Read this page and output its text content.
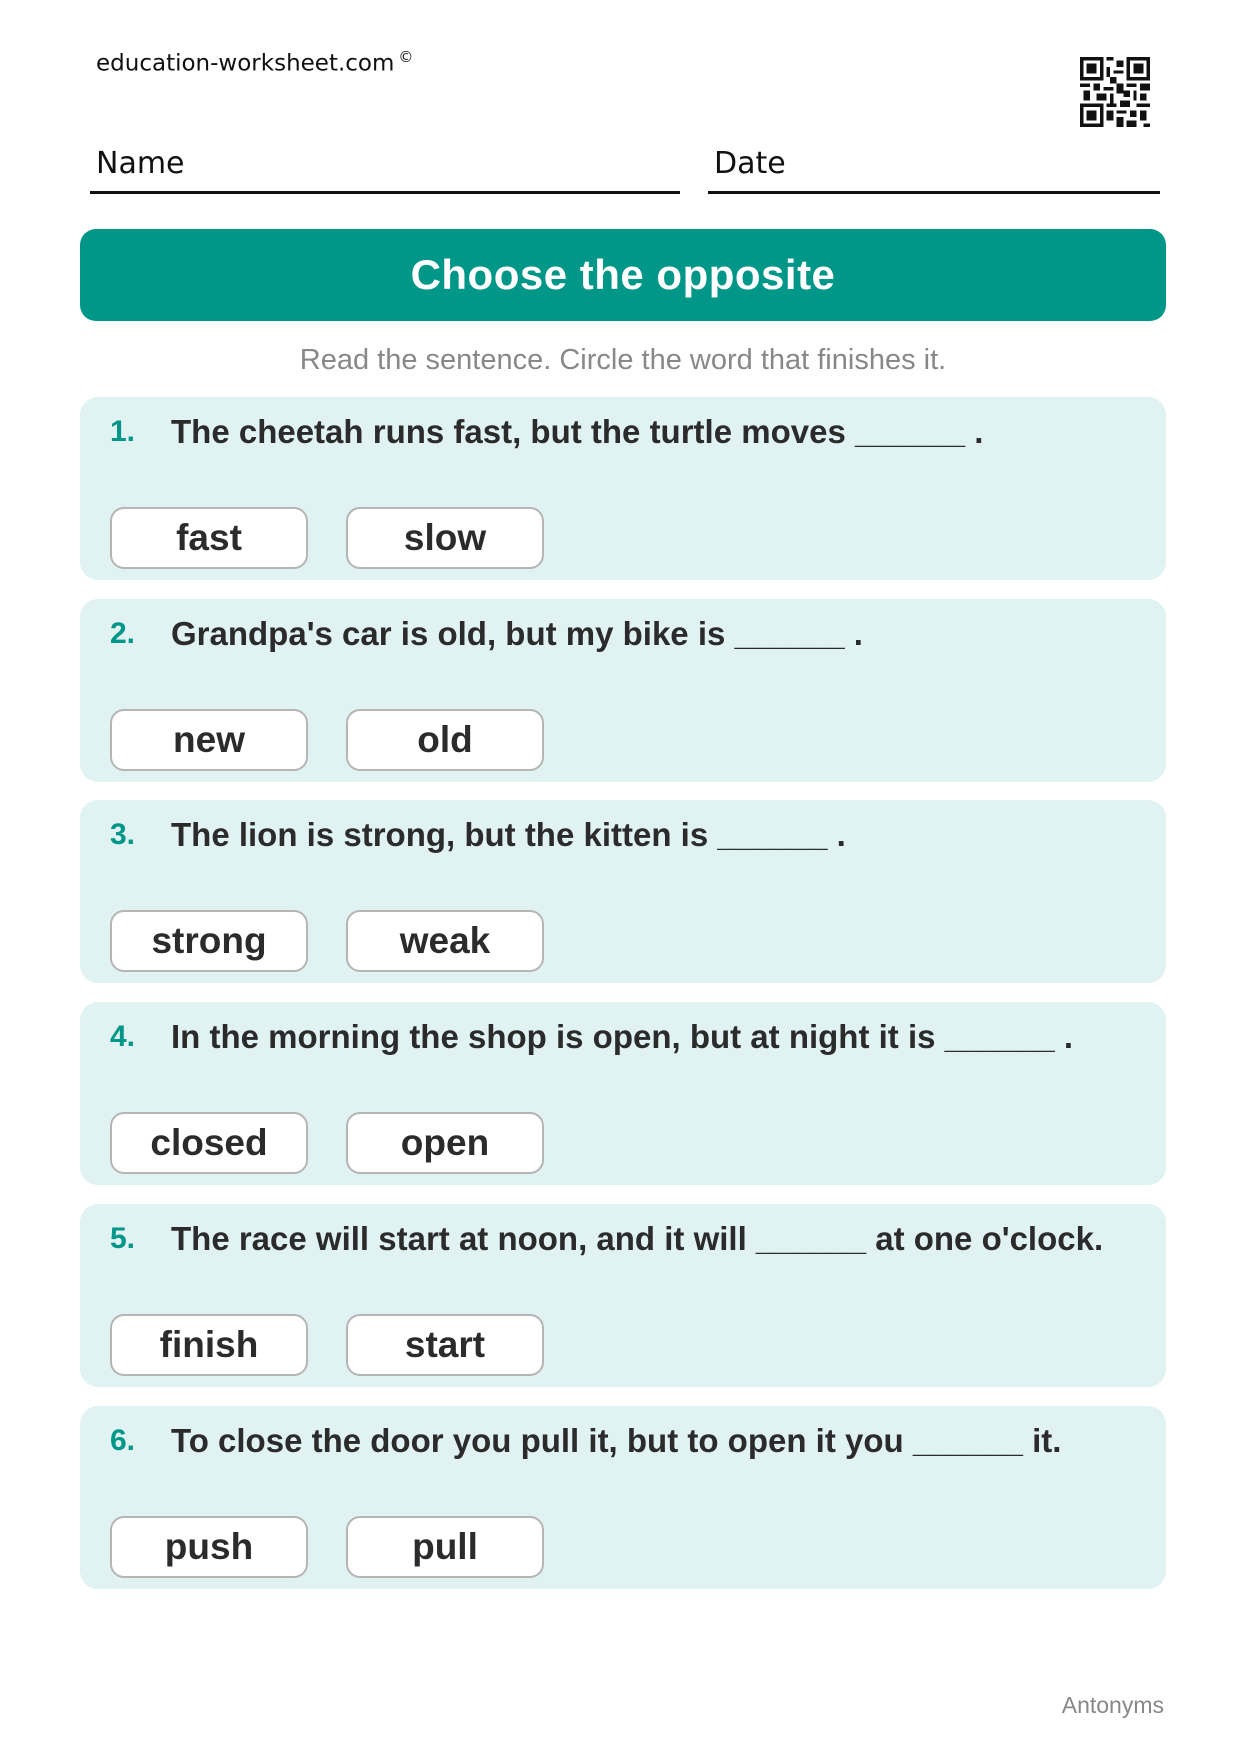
education-worksheet.com ©
Name	Date
Choose the opposite
Read the sentence. Circle the word that finishes it.
1. The cheetah runs fast, but the turtle moves ______ .
fast	slow
2. Grandpa's car is old, but my bike is ______ .
new	old
3. The lion is strong, but the kitten is ______ .
strong	weak
4. In the morning the shop is open, but at night it is ______ .
closed	open
5. The race will start at noon, and it will ______ at one o'clock.
finish	start
6. To close the door you pull it, but to open it you ______ it.
push	pull
Antonyms
